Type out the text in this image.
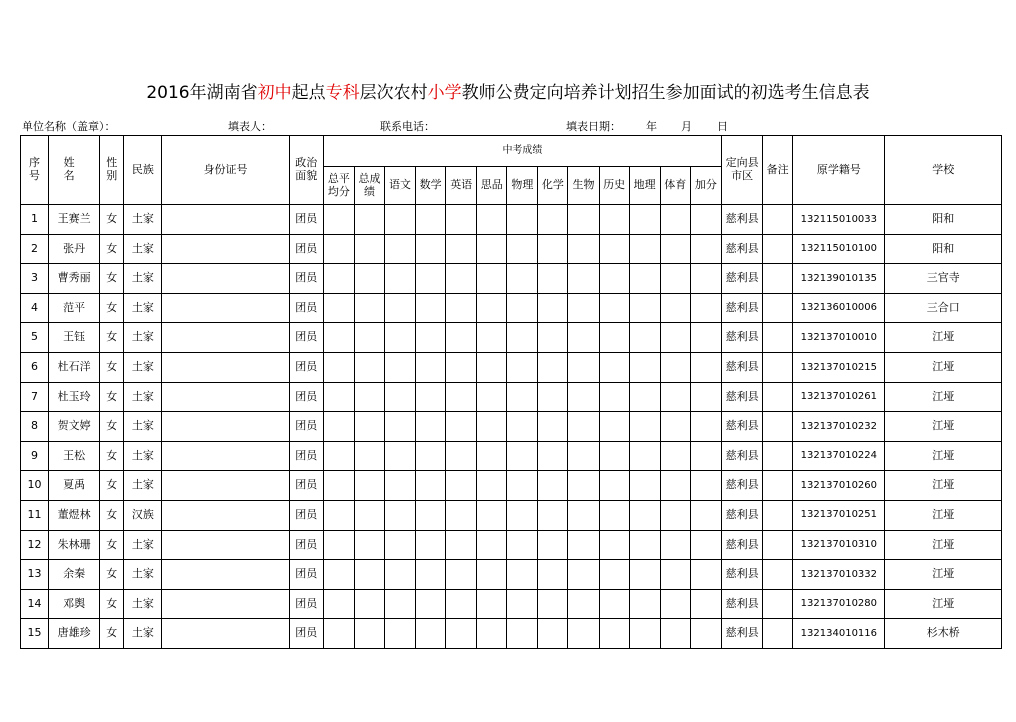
2016年湖南省初中起点专科层次农村小学教师公费定向培养计划招生参加面试的初选考生信息表
单位名称（盖章）：	填表人：	联系电话：	填表日期： 年 月 日
序号	姓 名	性别	民族	身份证号	政治面貌	中考成绩													定向县市区	备注	原学籍号	学校
						总平均分	总成绩	语文	数学	英语	思品	物理	化学	生物	历史	地理	体育	加分				
1	王赛兰	女	土家		团员														慈利县		132115010033	阳和
2	张丹	女	土家		团员														慈利县		132115010100	阳和
3	曹秀丽	女	土家		团员														慈利县		132139010135	三官寺
4	范平	女	土家		团员														慈利县		132136010006	三合口
5	王钰	女	土家		团员														慈利县		132137010010	江垭
6	杜石洋	女	土家		团员														慈利县		132137010215	江垭
7	杜玉玲	女	土家		团员														慈利县		132137010261	江垭
8	贺文婷	女	土家		团员														慈利县		132137010232	江垭
9	王松	女	土家		团员														慈利县		132137010224	江垭
10	夏禹	女	土家		团员														慈利县		132137010260	江垭
11	董煜林	女	汉族		团员														慈利县		132137010251	江垭
12	朱林珊	女	土家		团员														慈利县		132137010310	江垭
13	余秦	女	土家		团员														慈利县		132137010332	江垭
14	邓舆	女	土家		团员														慈利县		132137010280	江垭
15	唐雄珍	女	土家		团员														慈利县		132134010116	杉木桥
